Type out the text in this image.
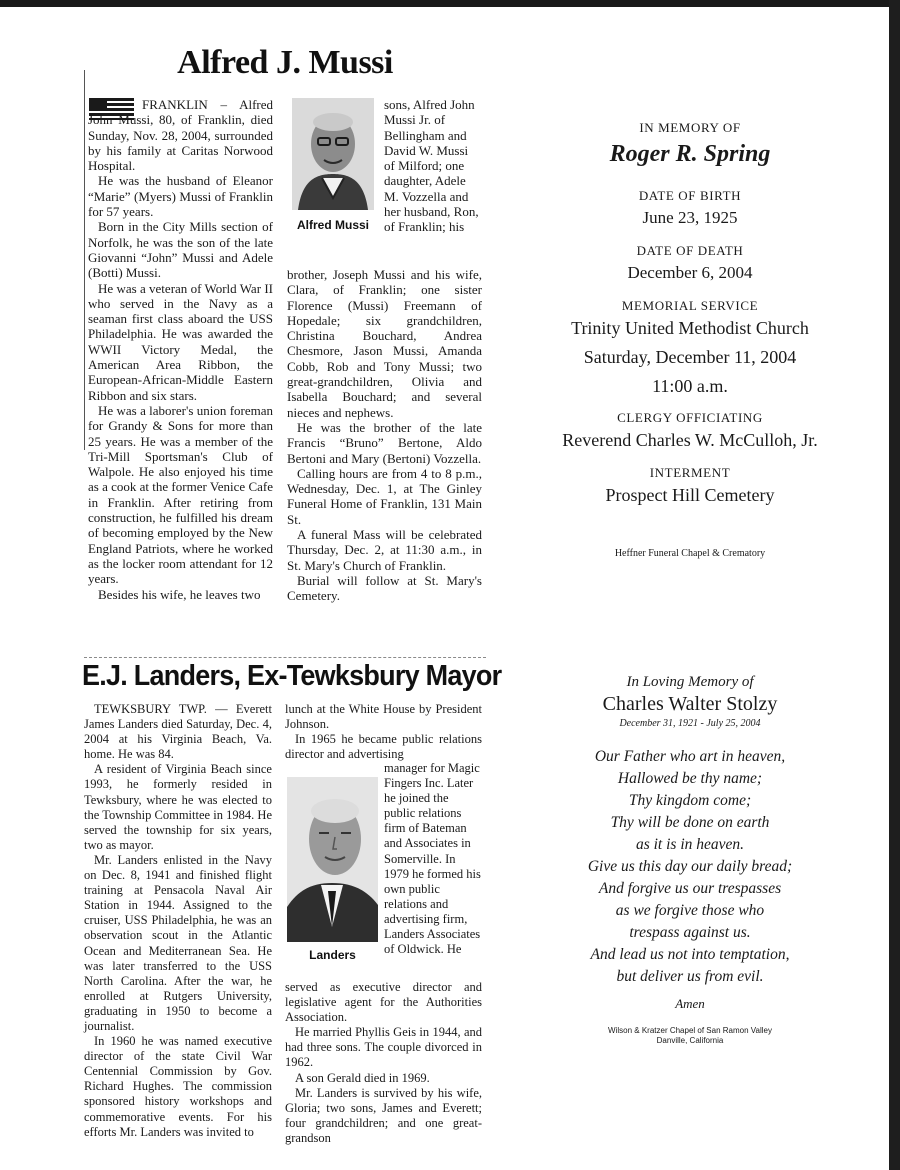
Alfred J. Mussi

FRANKLIN – Alfred John Mussi, 80, of Franklin, died Sunday, Nov. 28, 2004, surrounded by his family at Caritas Norwood Hospital.

He was the husband of Eleanor “Marie” (Myers) Mussi of Franklin for 57 years.

Born in the City Mills section of Norfolk, he was the son of the late Giovanni “John” Mussi and Adele (Botti) Mussi.

He was a veteran of World War II who served in the Navy as a seaman first class aboard the USS Philadelphia. He was awarded the WWII Victory Medal, the American Area Ribbon, the European-African-Middle Eastern Ribbon and six stars.

He was a laborer's union foreman for Grandy & Sons for more than 25 years. He was a member of the Tri-Mill Sportsman's Club of Walpole. He also enjoyed his time as a cook at the former Venice Cafe in Franklin. After retiring from construction, he fulfilled his dream of becoming employed by the New England Patriots, where he worked as the locker room attendant for 12 years.

Besides his wife, he leaves two

Alfred Mussi
sons, Alfred John Mussi Jr. of Bellingham and David W. Mussi of Milford; one daughter, Adele M. Vozzella and her husband, Ron, of Franklin; his

brother, Joseph Mussi and his wife, Clara, of Franklin; one sister Florence (Mussi) Freemann of Hopedale; six grandchildren, Christina Bouchard, Andrea Chesmore, Jason Mussi, Amanda Cobb, Rob and Tony Mussi; two great-grandchildren, Olivia and Isabella Bouchard; and several nieces and nephews.

He was the brother of the late Francis “Bruno” Bertone, Aldo Bertoni and Mary (Bertoni) Vozzella.

Calling hours are from 4 to 8 p.m., Wednesday, Dec. 1, at The Ginley Funeral Home of Franklin, 131 Main St.

A funeral Mass will be celebrated Thursday, Dec. 2, at 11:30 a.m., in St. Mary's Church of Franklin.

Burial will follow at St. Mary's Cemetery.

E.J. Landers, Ex-Tewksbury Mayor

TEWKSBURY TWP. — Everett James Landers died Saturday, Dec. 4, 2004 at his Virginia Beach, Va. home. He was 84.

A resident of Virginia Beach since 1993, he formerly resided in Tewksbury, where he was elected to the Township Committee in 1984. He served the township for six years, two as mayor.

Mr. Landers enlisted in the Navy on Dec. 8, 1941 and finished flight training at Pensacola Naval Air Station in 1944. Assigned to the cruiser, USS Philadelphia, he was an observation scout in the Atlantic Ocean and Mediterranean Sea. He was later transferred to the USS North Carolina. After the war, he enrolled at Rutgers University, graduating in 1950 to become a journalist.

In 1960 he was named executive director of the state Civil War Centennial Commission by Gov. Richard Hughes. The commission sponsored history workshops and commemorative events. For his efforts Mr. Landers was invited to

lunch at the White House by President Johnson.

In 1965 he became public relations director and advertising

Landers
manager for Magic Fingers Inc. Later he joined the public relations firm of Bateman and Associates in Somerville. In 1979 he formed his own public relations and advertising firm, Landers Associates of Oldwick. He

served as executive director and legislative agent for the Authorities Association.

He married Phyllis Geis in 1944, and had three sons. The couple divorced in 1962.

A son Gerald died in 1969.

Mr. Landers is survived by his wife, Gloria; two sons, James and Everett; four grandchildren; and one great-grandson

IN MEMORY OF
Roger R. Spring
DATE OF BIRTH
June 23, 1925
DATE OF DEATH
December 6, 2004
MEMORIAL SERVICE
Trinity United Methodist Church
Saturday, December 11, 2004
11:00 a.m.
CLERGY OFFICIATING
Reverend Charles W. McCulloh, Jr.
INTERMENT
Prospect Hill Cemetery
Heffner Funeral Chapel & Crematory
In Loving Memory of
Charles Walter Stolzy
December 31, 1921 - July 25, 2004
Our Father who art in heaven,
Hallowed be thy name;
Thy kingdom come;
Thy will be done on earth
as it is in heaven.
Give us this day our daily bread;
And forgive us our trespasses
as we forgive those who
trespass against us.
And lead us not into temptation,
but deliver us from evil.
Amen
Wilson & Kratzer Chapel of San Ramon Valley
Danville, California
